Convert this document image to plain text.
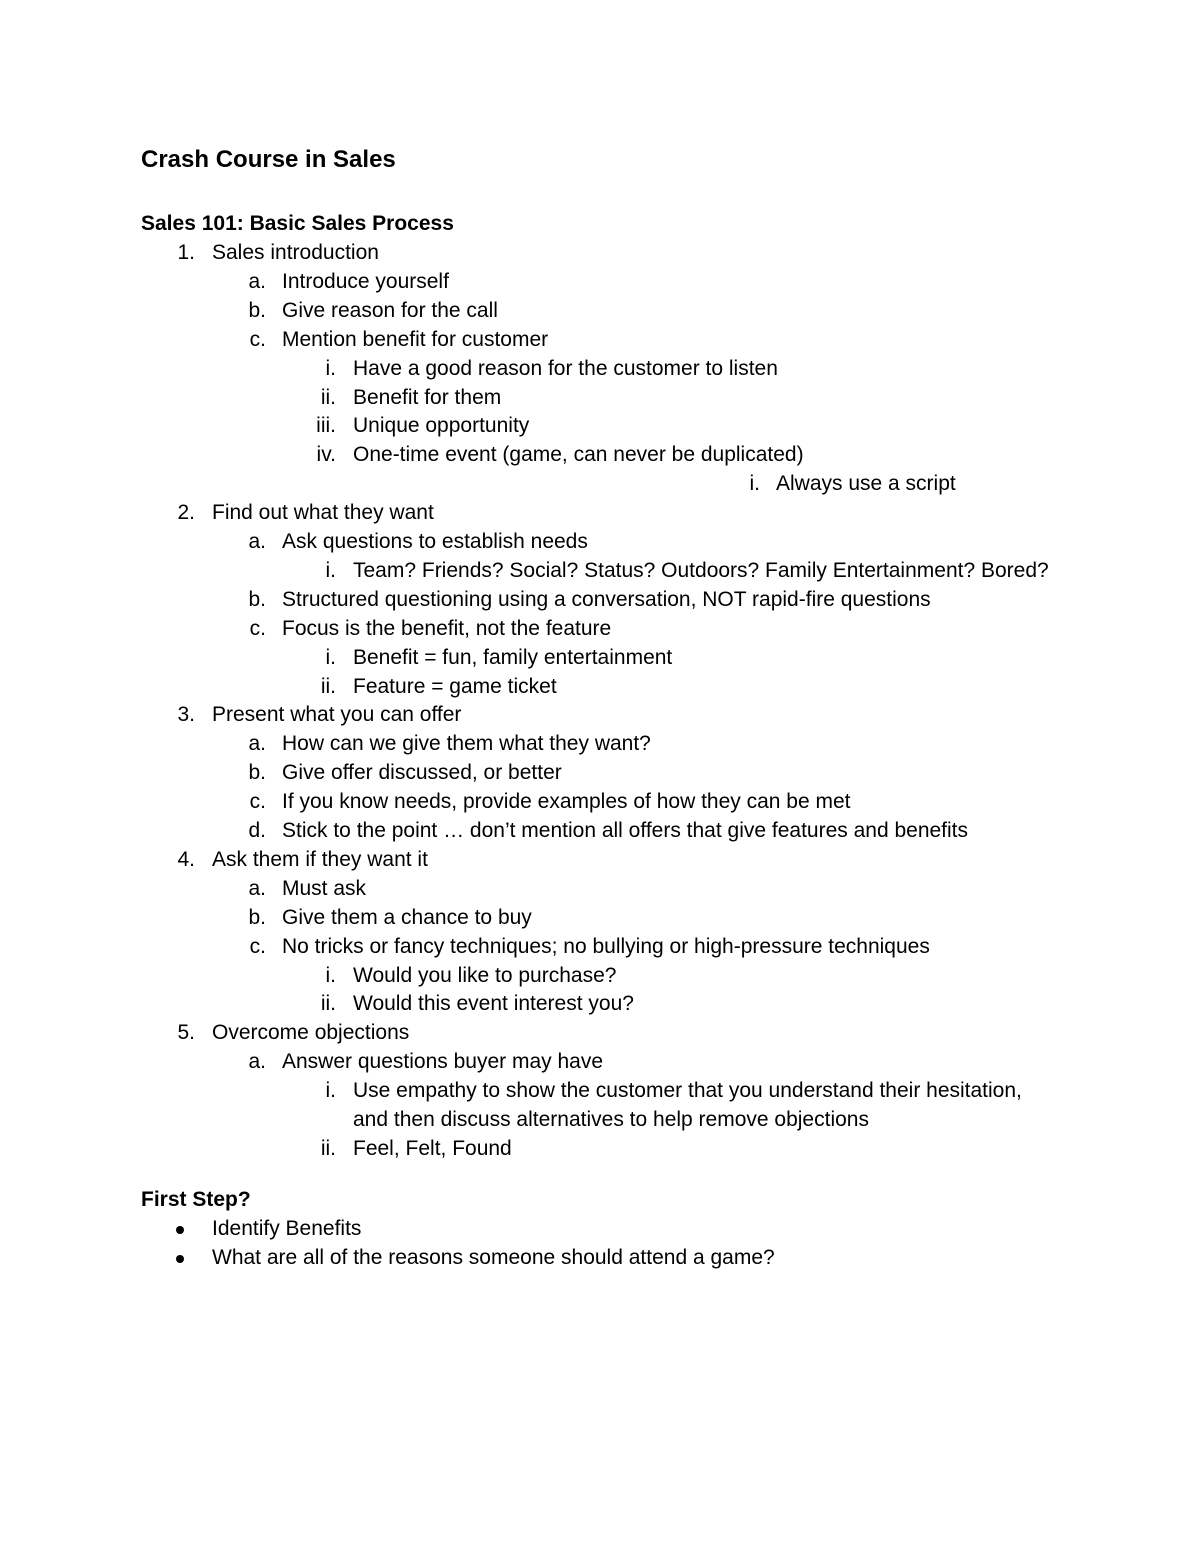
Crash Course in Sales
Sales 101: Basic Sales Process
1. Sales introduction
a. Introduce yourself
b. Give reason for the call
c. Mention benefit for customer
i. Have a good reason for the customer to listen
ii. Benefit for them
iii. Unique opportunity
iv. One-time event (game, can never be duplicated)
i. Always use a script
2. Find out what they want
a. Ask questions to establish needs
i. Team? Friends? Social? Status? Outdoors? Family Entertainment? Bored?
b. Structured questioning using a conversation, NOT rapid-fire questions
c. Focus is the benefit, not the feature
i. Benefit = fun, family entertainment
ii. Feature = game ticket
3. Present what you can offer
a. How can we give them what they want?
b. Give offer discussed, or better
c. If you know needs, provide examples of how they can be met
d. Stick to the point … don’t mention all offers that give features and benefits
4. Ask them if they want it
a. Must ask
b. Give them a chance to buy
c. No tricks or fancy techniques; no bullying or high-pressure techniques
i. Would you like to purchase?
ii. Would this event interest you?
5. Overcome objections
a. Answer questions buyer may have
i. Use empathy to show the customer that you understand their hesitation,
and then discuss alternatives to help remove objections
ii. Feel, Felt, Found
First Step?
Identify Benefits
What are all of the reasons someone should attend a game?
